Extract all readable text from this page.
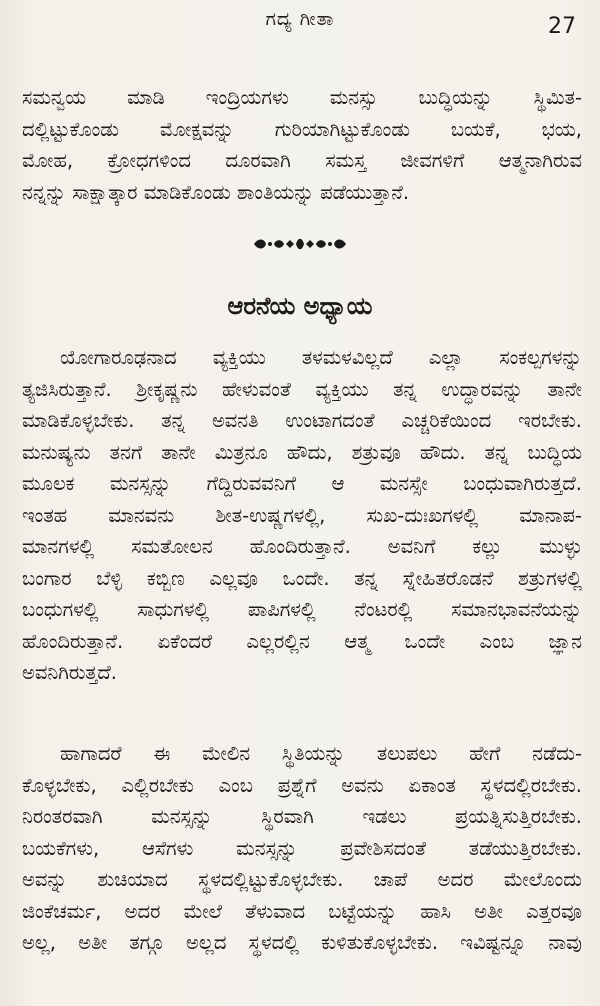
ಗದ್ಯ ಗೀತಾ	27
ಸಮನ್ವಯ ಮಾಡಿ ಇಂದ್ರಿಯಗಳು ಮನಸ್ಸು ಬುದ್ಧಿಯನ್ನು ಸ್ಥಿಮಿತ-
ದಲ್ಲಿಟ್ಟುಕೊಂಡು ಮೋಕ್ಷವನ್ನು ಗುರಿಯಾಗಿಟ್ಟುಕೊಂಡು ಬಯಕೆ, ಭಯ,
ಮೋಹ, ಕ್ರೋಧಗಳಿಂದ ದೂರವಾಗಿ ಸಮಸ್ತ ಜೀವಗಳಿಗೆ ಆತ್ಮನಾಗಿರುವ
ನನ್ನನ್ನು ಸಾಕ್ಷಾತ್ಕಾರ ಮಾಡಿಕೊಂಡು ಶಾಂತಿಯನ್ನು ಪಡೆಯುತ್ತಾನೆ.
ಆರನೆಯ ಅಧ್ಯಾಯ
ಯೋಗಾರೂಢನಾದ ವ್ಯಕ್ತಿಯು ತಳಮಳವಿಲ್ಲದೆ ಎಲ್ಲಾ ಸಂಕಲ್ಪಗಳನ್ನು
ತ್ಯಜಿಸಿರುತ್ತಾನೆ. ಶ್ರೀಕೃಷ್ಣನು ಹೇಳುವಂತೆ ವ್ಯಕ್ತಿಯು ತನ್ನ ಉದ್ಧಾರವನ್ನು ತಾನೇ
ಮಾಡಿಕೊಳ್ಳಬೇಕು. ತನ್ನ ಅವನತಿ ಉಂಟಾಗದಂತೆ ಎಚ್ಚರಿಕೆಯಿಂದ ಇರಬೇಕು.
ಮನುಷ್ಯನು ತನಗೆ ತಾನೇ ಮಿತ್ರನೂ ಹೌದು, ಶತ್ರುವೂ ಹೌದು. ತನ್ನ ಬುದ್ಧಿಯ
ಮೂಲಕ ಮನಸ್ಸನ್ನು ಗೆದ್ದಿರುವವನಿಗೆ ಆ ಮನಸ್ಸೇ ಬಂಧುವಾಗಿರುತ್ತದೆ.
ಇಂತಹ ಮಾನವನು ಶೀತ-ಉಷ್ಣಗಳಲ್ಲಿ, ಸುಖ-ದುಃಖಗಳಲ್ಲಿ ಮಾನಾಪ-
ಮಾನಗಳಲ್ಲಿ ಸಮತೋಲನ ಹೊಂದಿರುತ್ತಾನೆ. ಅವನಿಗೆ ಕಲ್ಲು ಮುಳ್ಳು
ಬಂಗಾರ ಬೆಳ್ಳಿ ಕಬ್ಬಿಣ ಎಲ್ಲವೂ ಒಂದೇ. ತನ್ನ ಸ್ನೇಹಿತರೊಡನೆ ಶತ್ರುಗಳಲ್ಲಿ
ಬಂಧುಗಳಲ್ಲಿ ಸಾಧುಗಳಲ್ಲಿ ಪಾಪಿಗಳಲ್ಲಿ ನೆಂಟರಲ್ಲಿ ಸಮಾನಭಾವನೆಯನ್ನು
ಹೊಂದಿರುತ್ತಾನೆ. ಏಕೆಂದರೆ ಎಲ್ಲರಲ್ಲಿನ ಆತ್ಮ ಒಂದೇ ಎಂಬ ಜ್ಞಾನ
ಅವನಿಗಿರುತ್ತದೆ.
ಹಾಗಾದರೆ ಈ ಮೇಲಿನ ಸ್ಥಿತಿಯನ್ನು ತಲುಪಲು ಹೇಗೆ ನಡೆದು-
ಕೊಳ್ಳಬೇಕು, ಎಲ್ಲಿರಬೇಕು ಎಂಬ ಪ್ರಶ್ನೆಗೆ ಅವನು ಏಕಾಂತ ಸ್ಥಳದಲ್ಲಿರಬೇಕು.
ನಿರಂತರವಾಗಿ ಮನಸ್ಸನ್ನು ಸ್ಥಿರವಾಗಿ ಇಡಲು ಪ್ರಯತ್ನಿಸುತ್ತಿರಬೇಕು.
ಬಯಕೆಗಳು, ಆಸೆಗಳು ಮನಸ್ಸನ್ನು ಪ್ರವೇಶಿಸದಂತೆ ತಡೆಯುತ್ತಿರಬೇಕು.
ಅವನ್ನು ಶುಚಿಯಾದ ಸ್ಥಳದಲ್ಲಿಟ್ಟುಕೊಳ್ಳಬೇಕು. ಚಾಪೆ ಅದರ ಮೇಲೊಂದು
ಜಿಂಕೆಚರ್ಮ, ಅದರ ಮೇಲೆ ತೆಳುವಾದ ಬಟ್ಟೆಯನ್ನು ಹಾಸಿ ಅತೀ ಎತ್ತರವೂ
ಅಲ್ಲ, ಅತೀ ತಗ್ಗೂ ಅಲ್ಲದ ಸ್ಥಳದಲ್ಲಿ ಕುಳಿತುಕೊಳ್ಳಬೇಕು. ಇವಿಷ್ಟನ್ನೂ ನಾವು
